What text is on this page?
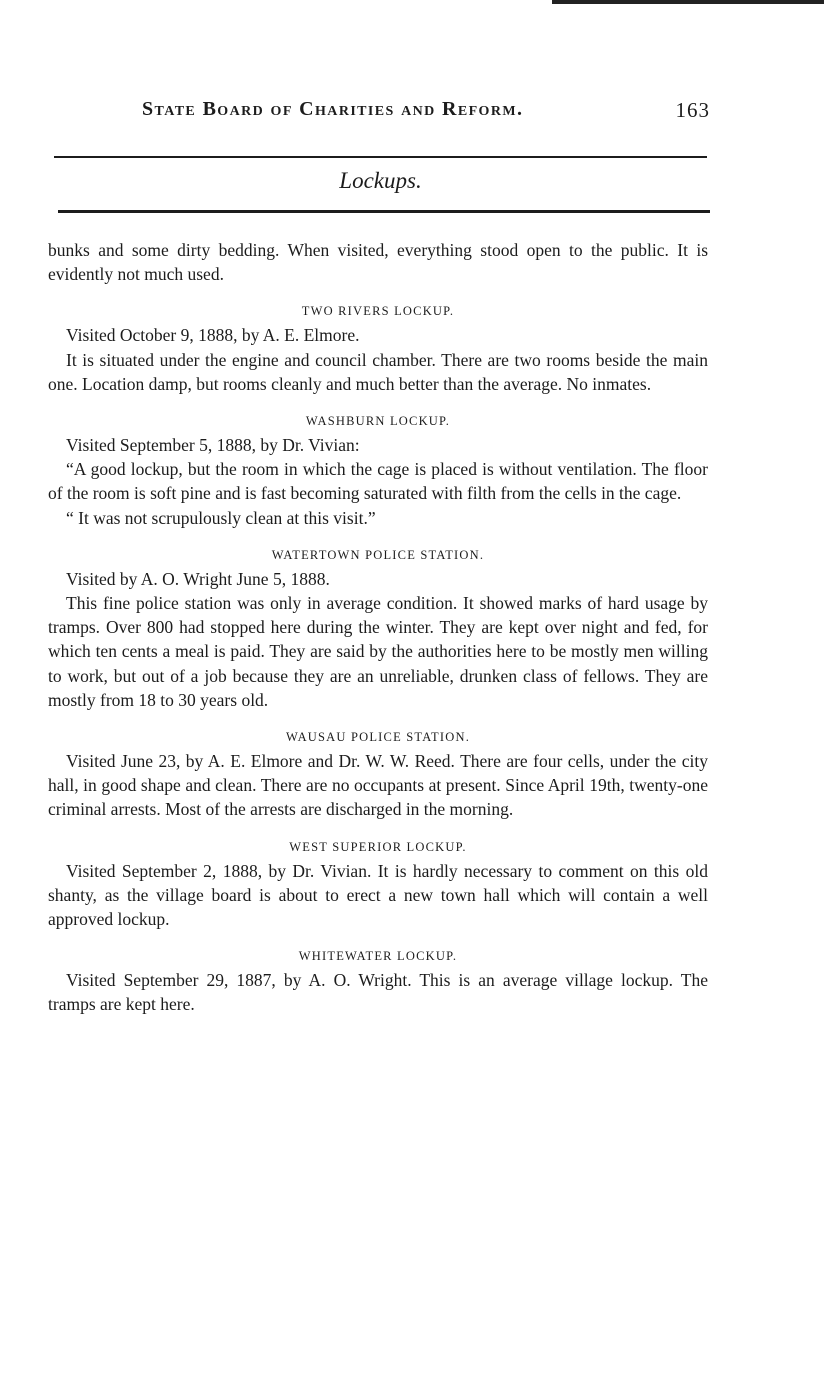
State Board of Charities and Reform.	163
Lockups.

bunks and some dirty bedding. When visited, everything stood open to the public. It is evidently not much used.

TWO RIVERS LOCKUP.

Visited October 9, 1888, by A. E. Elmore.

It is situated under the engine and council chamber. There are two rooms beside the main one. Location damp, but rooms cleanly and much better than the average. No inmates.

WASHBURN LOCKUP.

Visited September 5, 1888, by Dr. Vivian:

“A good lockup, but the room in which the cage is placed is without ventilation. The floor of the room is soft pine and is fast becoming saturated with filth from the cells in the cage.

“ It was not scrupulously clean at this visit.”

WATERTOWN POLICE STATION.

Visited by A. O. Wright June 5, 1888.

This fine police station was only in average condition. It showed marks of hard usage by tramps. Over 800 had stopped here during the winter. They are kept over night and fed, for which ten cents a meal is paid. They are said by the authorities here to be mostly men willing to work, but out of a job because they are an unreliable, drunken class of fellows. They are mostly from 18 to 30 years old.

WAUSAU POLICE STATION.

Visited June 23, by A. E. Elmore and Dr. W. W. Reed. There are four cells, under the city hall, in good shape and clean. There are no occupants at present. Since April 19th, twenty-one criminal arrests. Most of the arrests are discharged in the morning.

WEST SUPERIOR LOCKUP.

Visited September 2, 1888, by Dr. Vivian. It is hardly necessary to comment on this old shanty, as the village board is about to erect a new town hall which will contain a well approved lockup.

WHITEWATER LOCKUP.

Visited September 29, 1887, by A. O. Wright. This is an average village lockup. The tramps are kept here.
